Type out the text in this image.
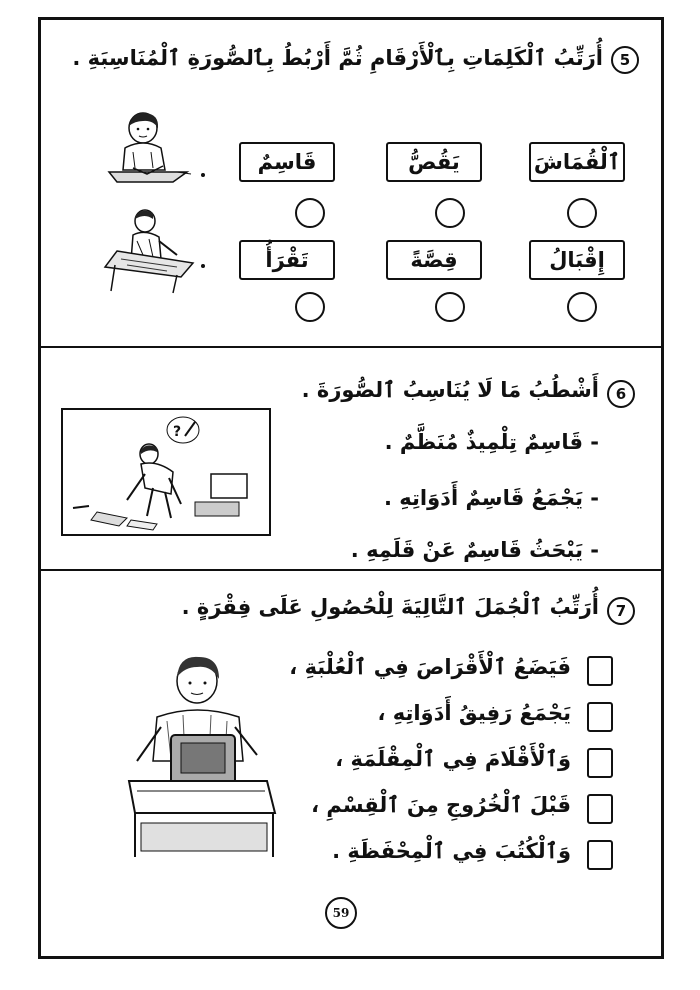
5
أُرَتِّبُ ٱلْكَلِمَاتِ بِٱلْأَرْقَامِ ثُمَّ أَرْبُطُ بِٱلصُّورَةِ ٱلْمُنَاسِبَةِ .
قَاسِمٌ	يَقُصُّ	ٱلْقُمَاشَ
تَقْرَأُ	قِصَّةً	إِقْبَالُ
6
أَشْطُبُ مَا لَا يُنَاسِبُ ٱلصُّورَةَ .
?	- قَاسِمٌ تِلْمِيذٌ مُنَظَّمٌ .
- يَجْمَعُ قَاسِمٌ أَدَوَاتِهِ .
- يَبْحَثُ قَاسِمٌ عَنْ قَلَمِهِ .
7
أُرَتِّبُ ٱلْجُمَلَ ٱلتَّالِيَةَ لِلْحُصُولِ عَلَى فِقْرَةٍ .
فَيَضَعُ ٱلْأَقْرَاصَ فِي ٱلْعُلْبَةِ ،
يَجْمَعُ رَفِيقُ أَدَوَاتِهِ ،
وَٱلْأَقْلَامَ فِي ٱلْمِقْلَمَةِ ،
قَبْلَ ٱلْخُرُوجِ مِنَ ٱلْقِسْمِ ،
وَٱلْكُتُبَ فِي ٱلْمِحْفَظَةِ .
59
